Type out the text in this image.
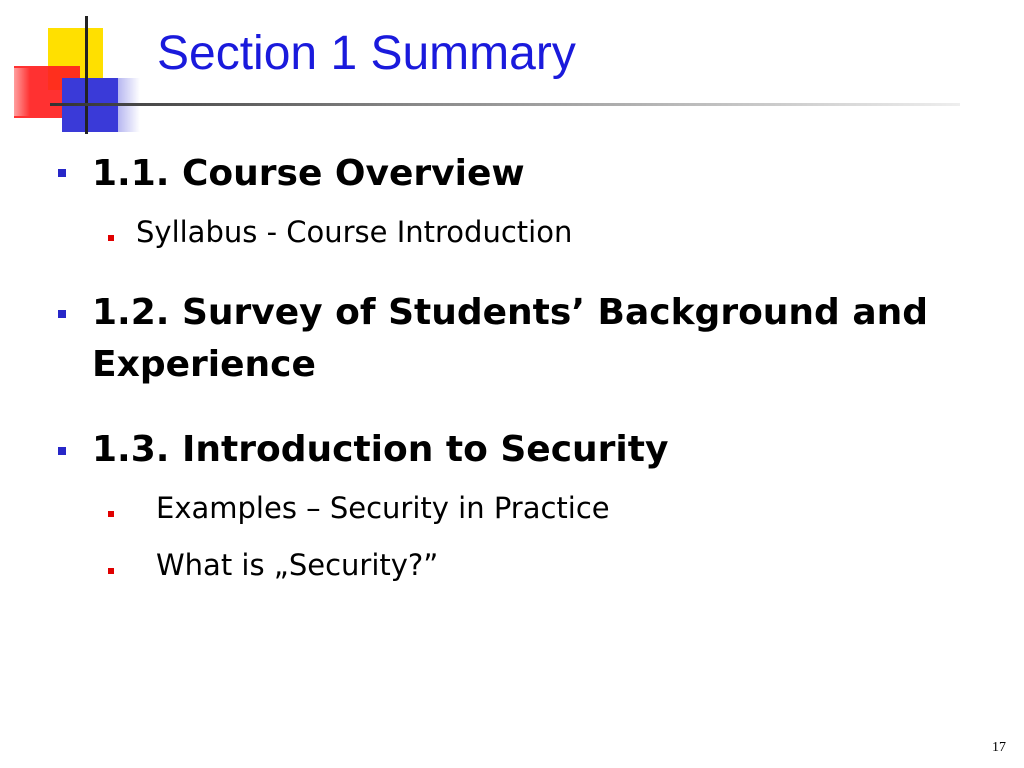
Section 1 Summary
1.1. Course Overview
Syllabus - Course Introduction
1.2. Survey of Students’ Background and Experience
1.3. Introduction to Security
Examples – Security in Practice
What is „Security?”
17
